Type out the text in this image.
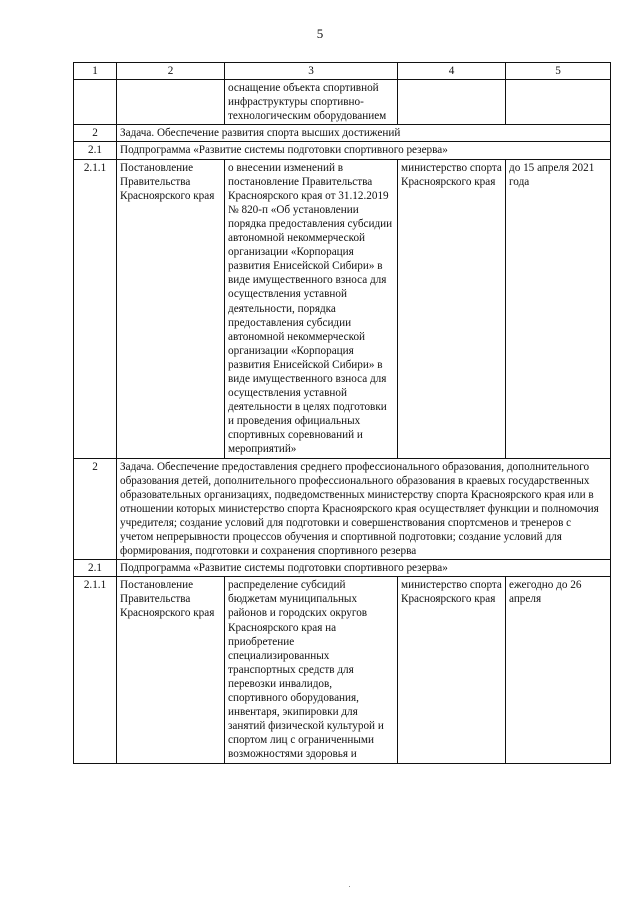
5
1	2	3	4	5
		оснащение объекта спортивной инфраструктуры спортивно-технологическим оборудованием		
2	Задача. Обеспечение развития спорта высших достижений			
2.1	Подпрограмма «Развитие системы подготовки спортивного резерва»			
2.1.1	Постановление Правительства Красноярского края	о внесении изменений в постановление Правительства Красноярского края от 31.12.2019 № 820-п «Об установлении порядка предоставления субсидии автономной некоммерческой организации «Корпорация развития Енисейской Сибири» в виде имущественного взноса для осуществления уставной деятельности, порядка предоставления субсидии автономной некоммерческой организации «Корпорация развития Енисейской Сибири» в виде имущественного взноса для осуществления уставной деятельности в целях подготовки и проведения официальных спортивных соревнований и мероприятий»	министерство спорта Красноярского края	до 15 апреля 2021 года
2	Задача. Обеспечение предоставления среднего профессионального образования, дополнительного образования детей, дополнительного профессионального образования в краевых государственных образовательных организациях, подведомственных министерству спорта Красноярского края или в отношении которых министерство спорта Красноярского края осуществляет функции и полномочия учредителя; создание условий для подготовки и совершенствования спортсменов и тренеров с учетом непрерывности процессов обучения и спортивной подготовки; создание условий для формирования, подготовки и сохранения спортивного резерва			
2.1	Подпрограмма «Развитие системы подготовки спортивного резерва»			
2.1.1	Постановление Правительства Красноярского края	распределение субсидий бюджетам муниципальных районов и городских округов Красноярского края на приобретение специализированных транспортных средств для перевозки инвалидов, спортивного оборудования, инвентаря, экипировки для занятий физической культурой и спортом лиц с ограниченными возможностями здоровья и	министерство спорта Красноярского края	ежегодно до 26 апреля
